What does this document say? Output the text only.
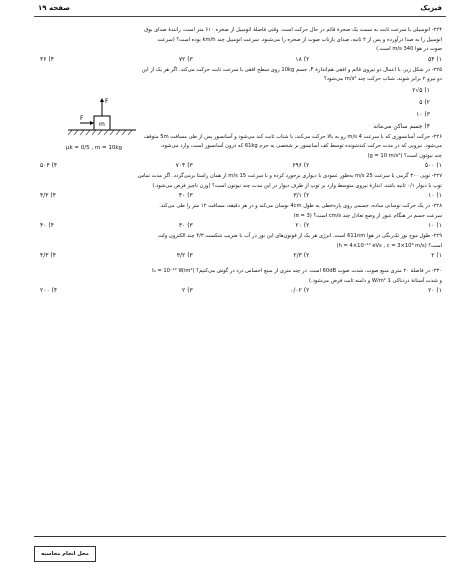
فیزیک
صفحه ۱۹
۲۲۴- اتومبیلی با سرعت ثابت به سمت یک صخرهٔ قائم در حال حرکت است. وقتی فاصلهٔ اتومبیل از صخره ۶۱۰ متر است، رانندهٔ صدای بوق
اتومبیل را به صدا درآورده و پس از ۴ ثانیه، صدای بازتاب صوت از صخره را می‌شنود. سرعت اتومبیل چند km/h بوده است؟ (سرعت
صوت در هوا 340 m/s است.)
۱) ۵۴
۲) ۱۸
۳) ۷۲
۴) ۳۶
۲۲۵- در شکل زیر، با اعمال دو نیروی قائم و افقی هم‌اندازهٔ F، جسم 10kg روی سطح افقی با سرعت ثابت حرکت می‌کند. اگر هر یک از این
دو نیرو ۲ برابر شوند، شتاب حرکت چند m/s² می‌شود؟
۱) ۵√۲
۲) ۵
۳) ۱۰
۴) جسم ساکن می‌ماند
۲۲۶- حرکت آسانسوری که با سرعت 4 m/s رو به بالا حرکت می‌کند، با شتاب ثابت کند می‌شود و آسانسور پس از طی مسافت 5m متوقف
می‌شود. نیرویی که در مدت حرکت کندشونده توسط کف آسانسور بر شخصی به جرم 61kg که درون آسانسور است، وارد می‌شود،
چند نیوتون است؟ (g = 10 m/s²)
۱) ۵۰۰
۲) ۶۹۶
۳) ۷۰۴
۴) ۵۰۴
۲۲۷- توپی ۳۰۰ گرمی با سرعت 25 m/s به‌طور عمودی با دیواری برخورد کرده و با سرعت 15 m/s از همان راستا برمی‌گردد. اگر مدت تماس
توپ با دیوار ۰/۱ ثانیه باشد، اندازهٔ نیروی متوسط وارد بر توپ از طرف دیوار در این مدت چند نیوتون است؟ (وزن ناچیز فرض می‌شود.)
۱) ۱۰
۲) ۳/۱
۳) ۴۰
۴) ۴/۳
۲۲۸- در یک حرکت نوسانی ساده، جسمی روی پاره‌خطی به طول 4cm نوسان می‌کند و در هر دقیقه، مسافت ۱۲ متر را طی می‌کند.
سرعت جسم در هنگام عبور از وضع تعادل چند cm/s است؟ (π = 3)
۱) ۱۰
۲) ۲۰
۳) ۳۰
۴) ۴۰
۲۲۹- طول موج نور تک‌رنگی در هوا 611nm است. انرژی هر یک از فوتون‌های این نور در آب با ضریب شکست ۴/۳ چند الکترون ولت
است؟ (h = 4×10⁻¹⁵ eVs , c = 3×10⁸ m/s)
۱) ۲
۲) ۲/۳
۳) ۳/۲
۴) ۴/۳
۲۳۰- در فاصلهٔ ۲۰ متری منبع صوت، شدت صوت 60dB است. در چند متری از منبع احساس درد در گوش می‌کنیم؟ (I₀ = 10⁻¹² W/m²
و شدت آستانهٔ دردناکی 1 W/m² و دامنه ثابت فرض می‌شود.)
۱) ۲۰
۲) ۰/۰۲
۳) ۲
۴) ۲۰۰
m
F
F
μk = 0/5 , m = 10kg
محل انجام محاسبه
